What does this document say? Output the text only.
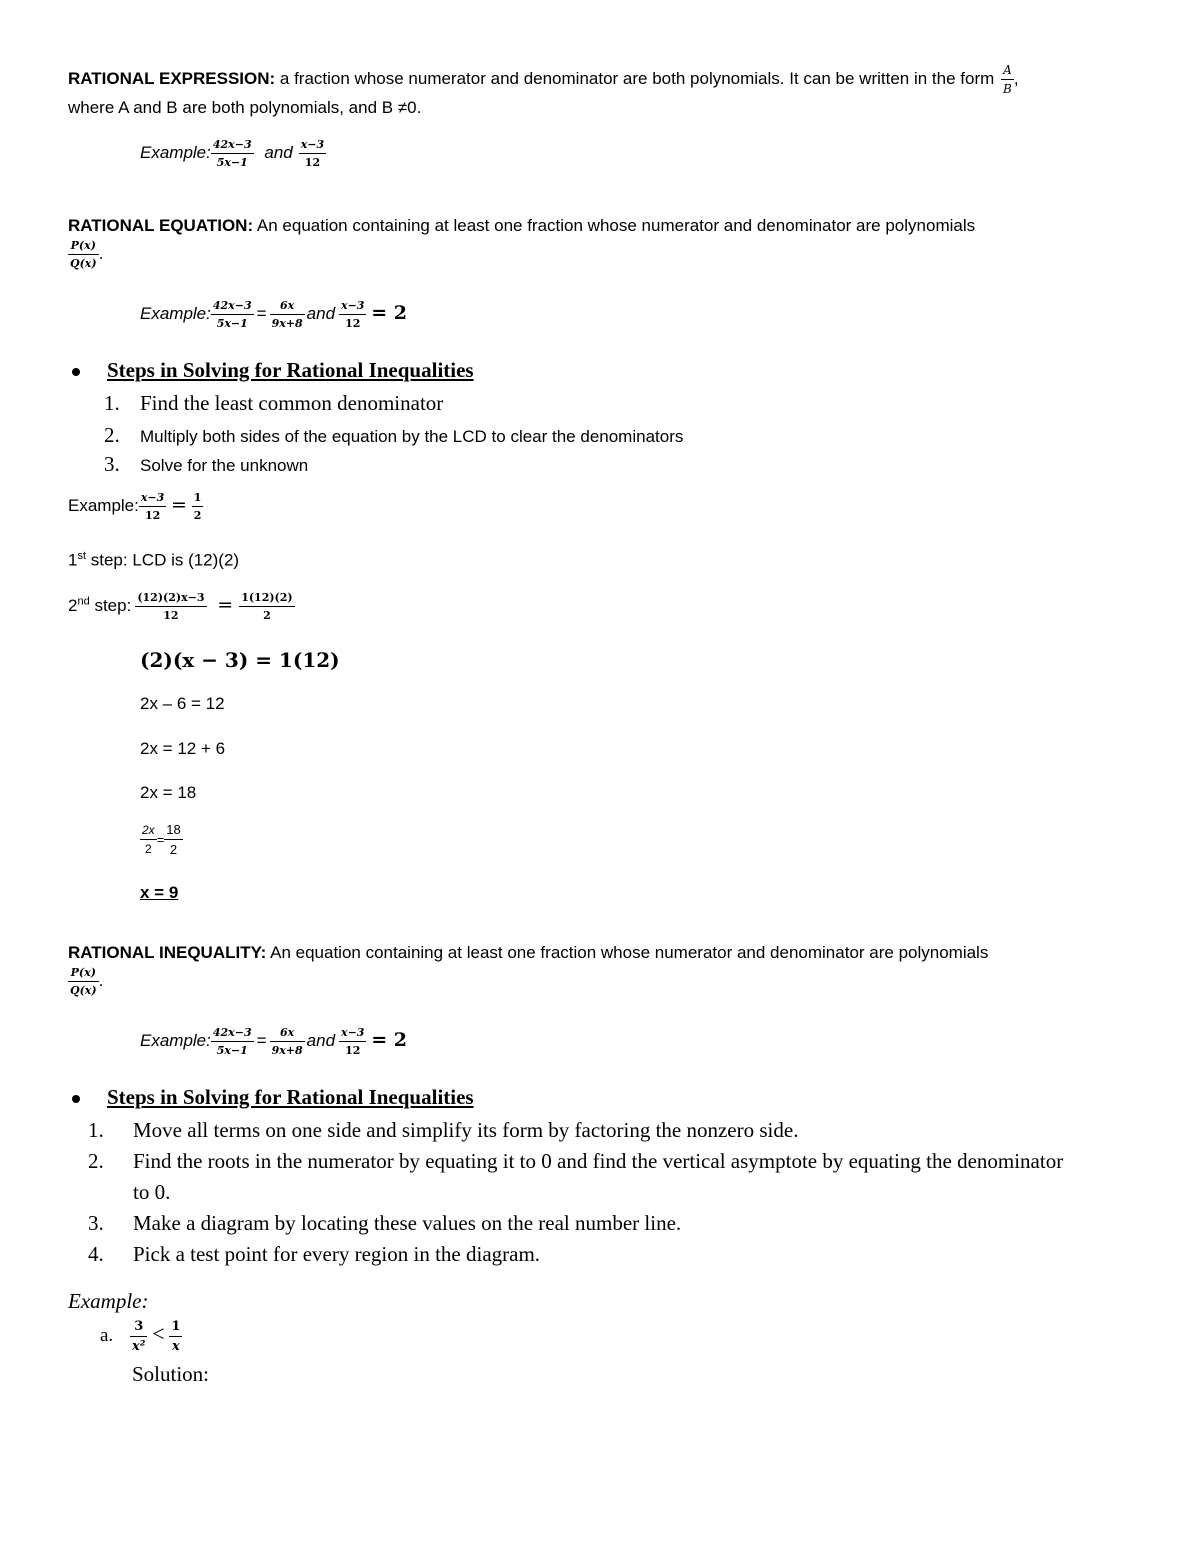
RATIONAL EXPRESSION: a fraction whose numerator and denominator are both polynomials. It can be written in the form $\frac{A}{B}$ ,
where A and B are both polynomials, and B ≠0.
Example: $\frac{42x-3}{5x-1}$ and $\frac{x-3}{12}$
RATIONAL EQUATION: An equation containing at least one fraction whose numerator and denominator are polynomials
$\frac{P(x)}{Q(x)}$ .
Example: $\frac{42x-3}{5x-1} = \frac{6x}{9x+8}$ and $\frac{x-3}{12} = 2$
Steps in Solving for Rational Inequalities
1. Find the least common denominator
2. Multiply both sides of the equation by the LCD to clear the denominators
3. Solve for the unknown
Example: $\frac{x-3}{12} = \frac{1}{2}$
1st step: LCD is (12)(2)
2nd step: $\frac{(12)(2)x-3}{12} = \frac{1(12)(2)}{2}$
(2)(x − 3) = 1(12)
2x – 6 = 12
2x = 12 + 6
2x = 18
$\frac{2x}{2} = \frac{18}{2}$
x = 9
RATIONAL INEQUALITY: An equation containing at least one fraction whose numerator and denominator are polynomials
$\frac{P(x)}{Q(x)}$ .
Example: $\frac{42x-3}{5x-1} = \frac{6x}{9x+8}$ and $\frac{x-3}{12} = 2$
Steps in Solving for Rational Inequalities
1. Move all terms on one side and simplify its form by factoring the nonzero side.
2. Find the roots in the numerator by equating it to 0 and find the vertical asymptote by equating the denominator
to 0.
3. Make a diagram by locating these values on the real number line.
4. Pick a test point for every region in the diagram.
Example:
a. $\frac{3}{\text{x²}} < \frac{1}{x}$
Solution:
